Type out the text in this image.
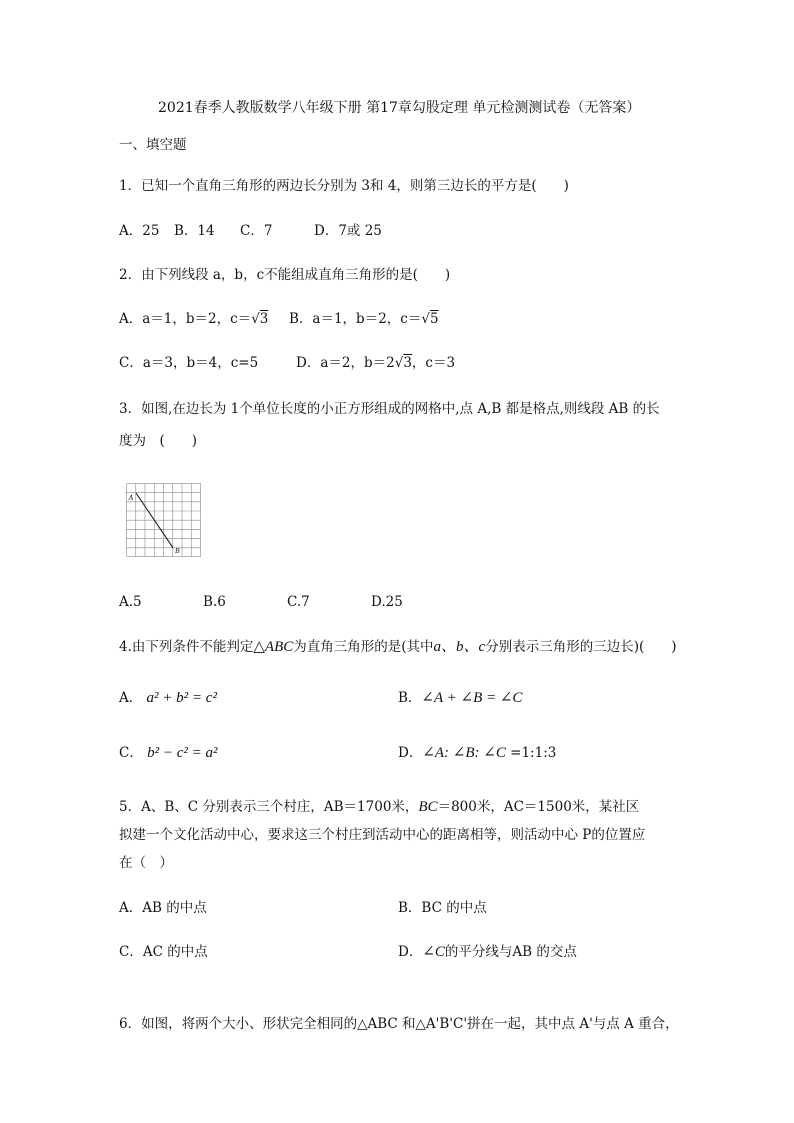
2021春季人教版数学八年级下册 第17章勾股定理 单元检测测试卷（无答案）
一、填空题
1．已知一个直角三角形的两边长分别为 3和 4，则第三边长的平方是(　　)
A．25 B．14 C．7	D．7或 25
2．由下列线段 a，b，c不能组成直角三角形的是(　　)
A．a＝1，b＝2，c＝√3 B．a＝1，b＝2，c＝√5
C．a＝3，b＝4，c=5	D．a＝2，b＝2√3，c＝3
3．如图,在边长为 1个单位长度的小正方形组成的网格中,点 A,B 都是格点,则线段 AB 的长
度为　(　　)
A
B
A.5	B.6	C.7	D.25
4.由下列条件不能判定△ABC为直角三角形的是(其中a、b、c分别表示三角形的三边长)(　　)
A． a² + b² = c²	B．∠A + ∠B = ∠C
C． b² − c² = a²	D．∠A: ∠B: ∠C =1:1:3
5．A、B、C 分别表示三个村庄，AB＝1700米，BC＝800米，AC＝1500米，某社区
拟建一个文化活动中心，要求这三个村庄到活动中心的距离相等，则活动中心 P的位置应
在（　）
A．AB 的中点	B．BC 的中点
C．AC 的中点	D．∠C的平分线与AB 的交点
6．如图，将两个大小、形状完全相同的△ABC 和△A'B'C'拼在一起，其中点 A'与点 A 重合，
